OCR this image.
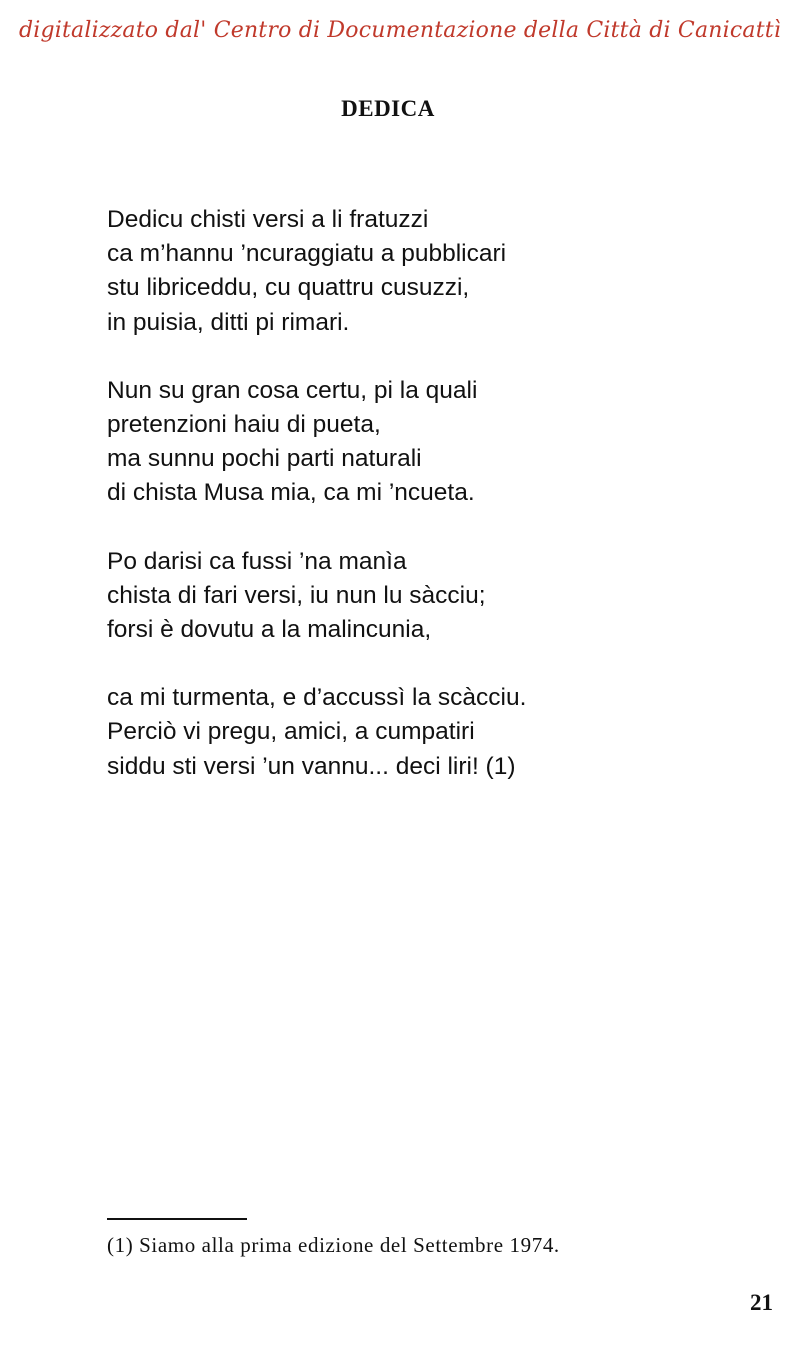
digitalizzato dal' Centro di Documentazione della Città di Canicattì
DEDICA
Dedicu chisti versi a li fratuzzi
ca m’hannu ’ncuraggiatu a pubblicari
stu libriceddu, cu quattru cusuzzi,
in puisia, ditti pi rimari.
Nun su gran cosa certu, pi la quali
pretenzioni haiu di pueta,
ma sunnu pochi parti naturali
di chista Musa mia, ca mi ’ncueta.
Po darisi ca fussi ’na manìa
chista di fari versi, iu nun lu sàcciu;
forsi è dovutu a la malincunia,
ca mi turmenta, e d’accussì la scàcciu.
Perciò vi pregu, amici, a cumpatiri
siddu sti versi ’un vannu... deci liri! (1)
(1) Siamo alla prima edizione del Settembre 1974.
21
